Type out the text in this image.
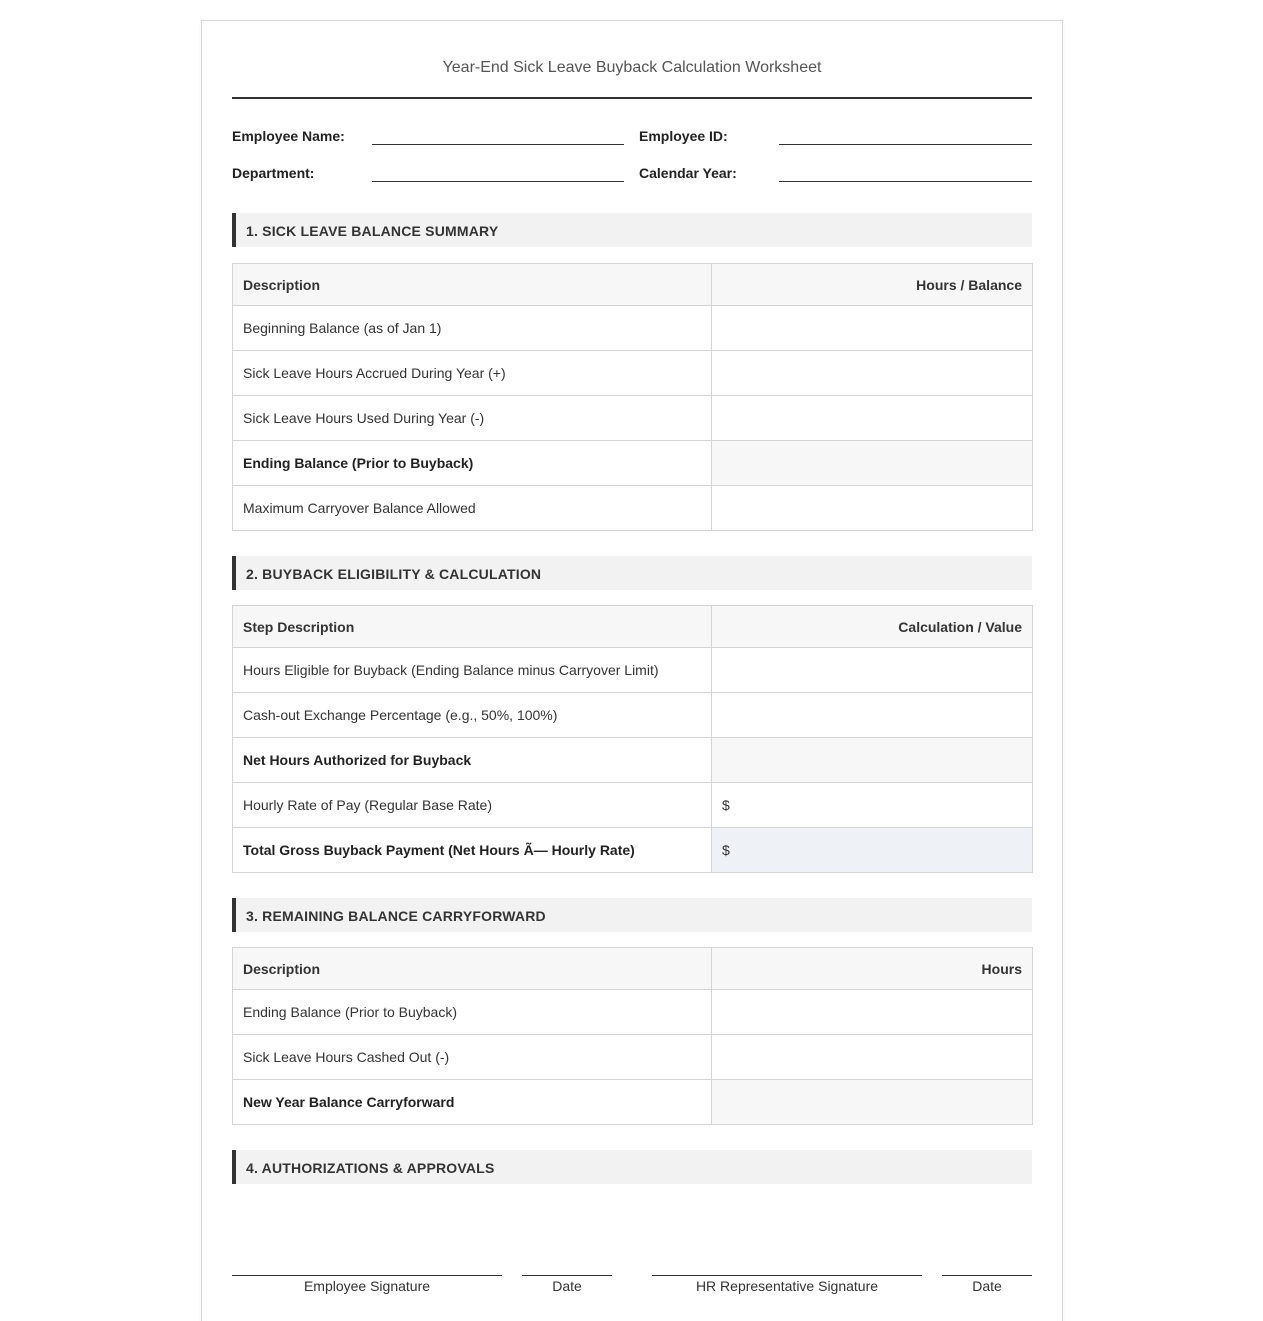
Year-End Sick Leave Buyback Calculation Worksheet
Employee Name:	Employee ID:
Department:	Calendar Year:
1. SICK LEAVE BALANCE SUMMARY
Description	Hours / Balance
Beginning Balance (as of Jan 1)	
Sick Leave Hours Accrued During Year (+)	
Sick Leave Hours Used During Year (-)	
Ending Balance (Prior to Buyback)	
Maximum Carryover Balance Allowed	
2. BUYBACK ELIGIBILITY & CALCULATION
Step Description	Calculation / Value
Hours Eligible for Buyback (Ending Balance minus Carryover Limit)	
Cash-out Exchange Percentage (e.g., 50%, 100%)	
Net Hours Authorized for Buyback	
Hourly Rate of Pay (Regular Base Rate)	$
Total Gross Buyback Payment (Net Hours Ã— Hourly Rate)	$
3. REMAINING BALANCE CARRYFORWARD
Description	Hours
Ending Balance (Prior to Buyback)	
Sick Leave Hours Cashed Out (-)	
New Year Balance Carryforward	
4. AUTHORIZATIONS & APPROVALS
Employee Signature	Date	HR Representative Signature	Date
